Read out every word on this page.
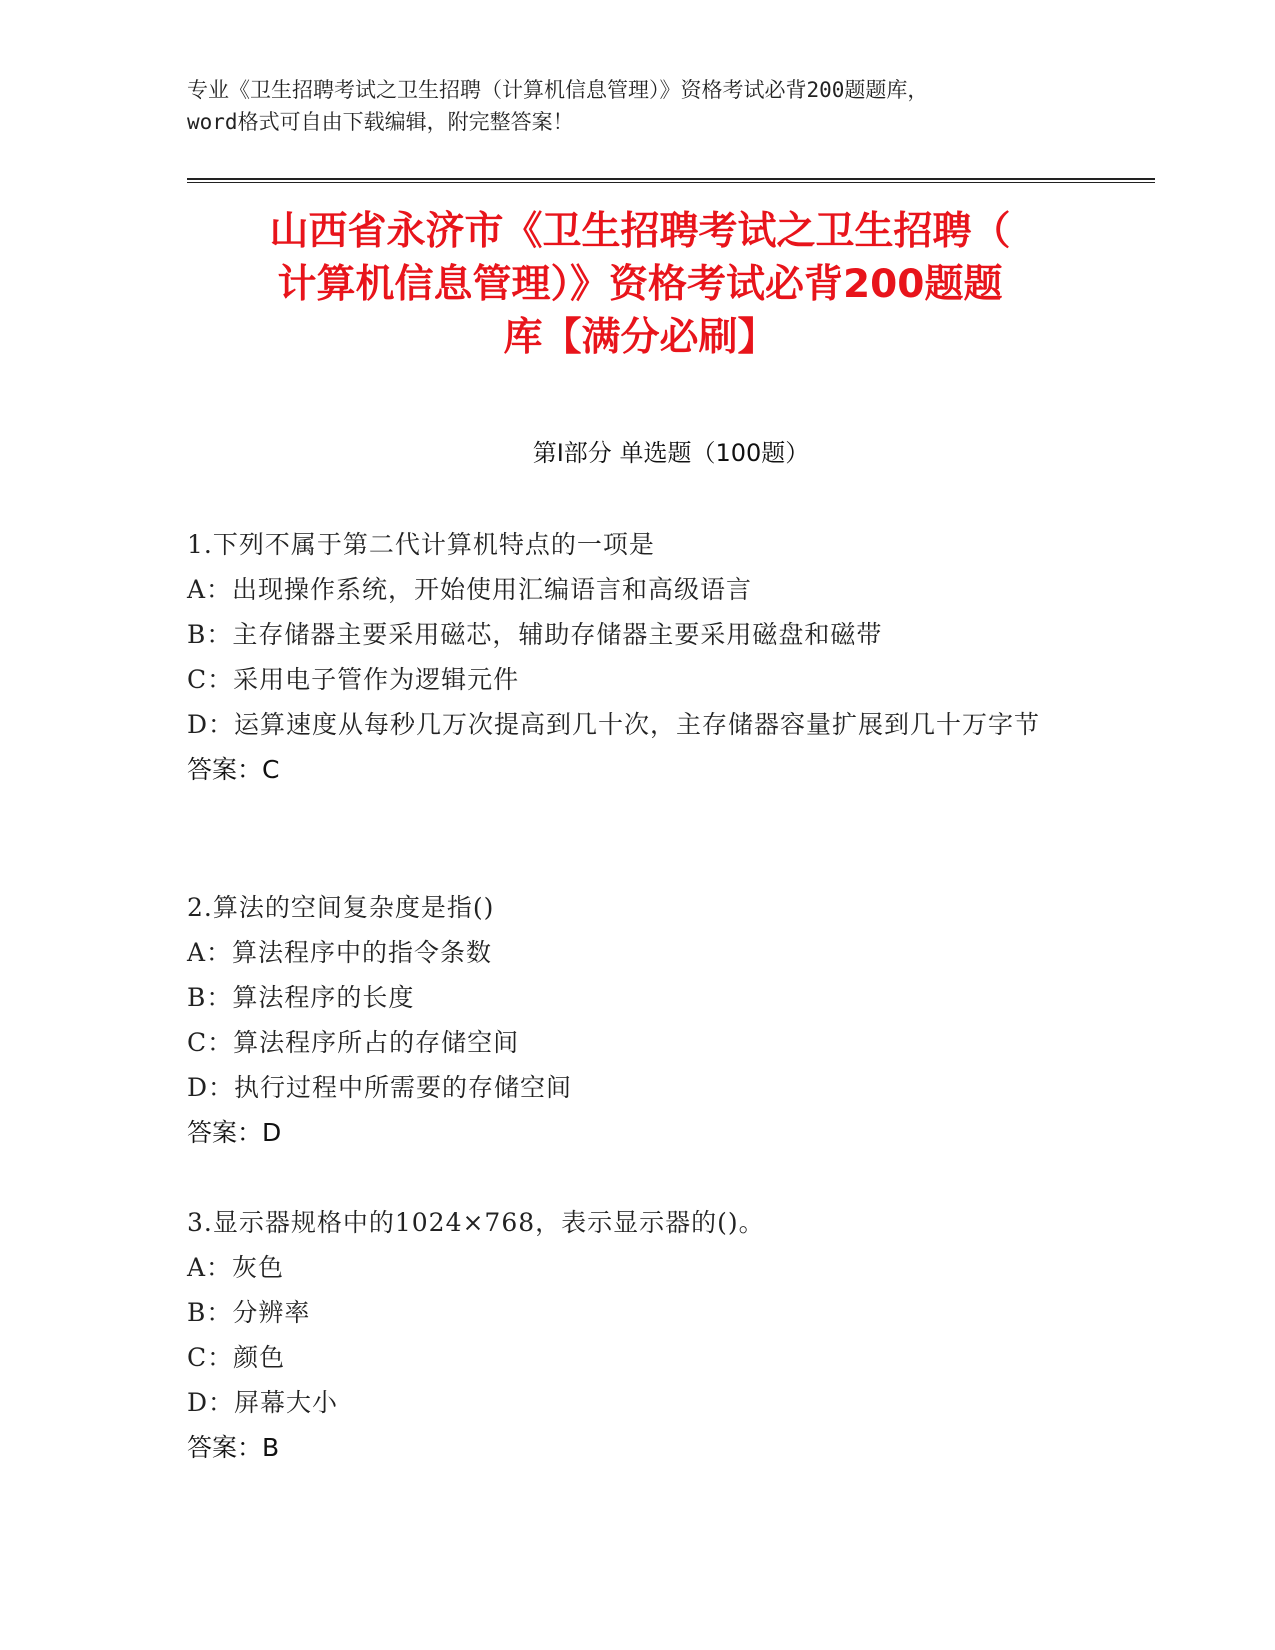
专业《卫生招聘考试之卫生招聘（计算机信息管理）》资格考试必背200题题库，
word格式可自由下载编辑，附完整答案！
山西省永济市《卫生招聘考试之卫生招聘（
计算机信息管理）》资格考试必背200题题
库【满分必刷】
第Ⅰ部分 单选题（100题）
1.下列不属于第二代计算机特点的一项是
A：出现操作系统，开始使用汇编语言和高级语言
B：主存储器主要采用磁芯，辅助存储器主要采用磁盘和磁带
C：采用电子管作为逻辑元件
D：运算速度从每秒几万次提高到几十次，主存储器容量扩展到几十万字节
答案：C
2.算法的空间复杂度是指()
A：算法程序中的指令条数
B：算法程序的长度
C：算法程序所占的存储空间
D：执行过程中所需要的存储空间
答案：D
3.显示器规格中的1024×768，表示显示器的()。
A：灰色
B：分辨率
C：颜色
D：屏幕大小
答案：B
